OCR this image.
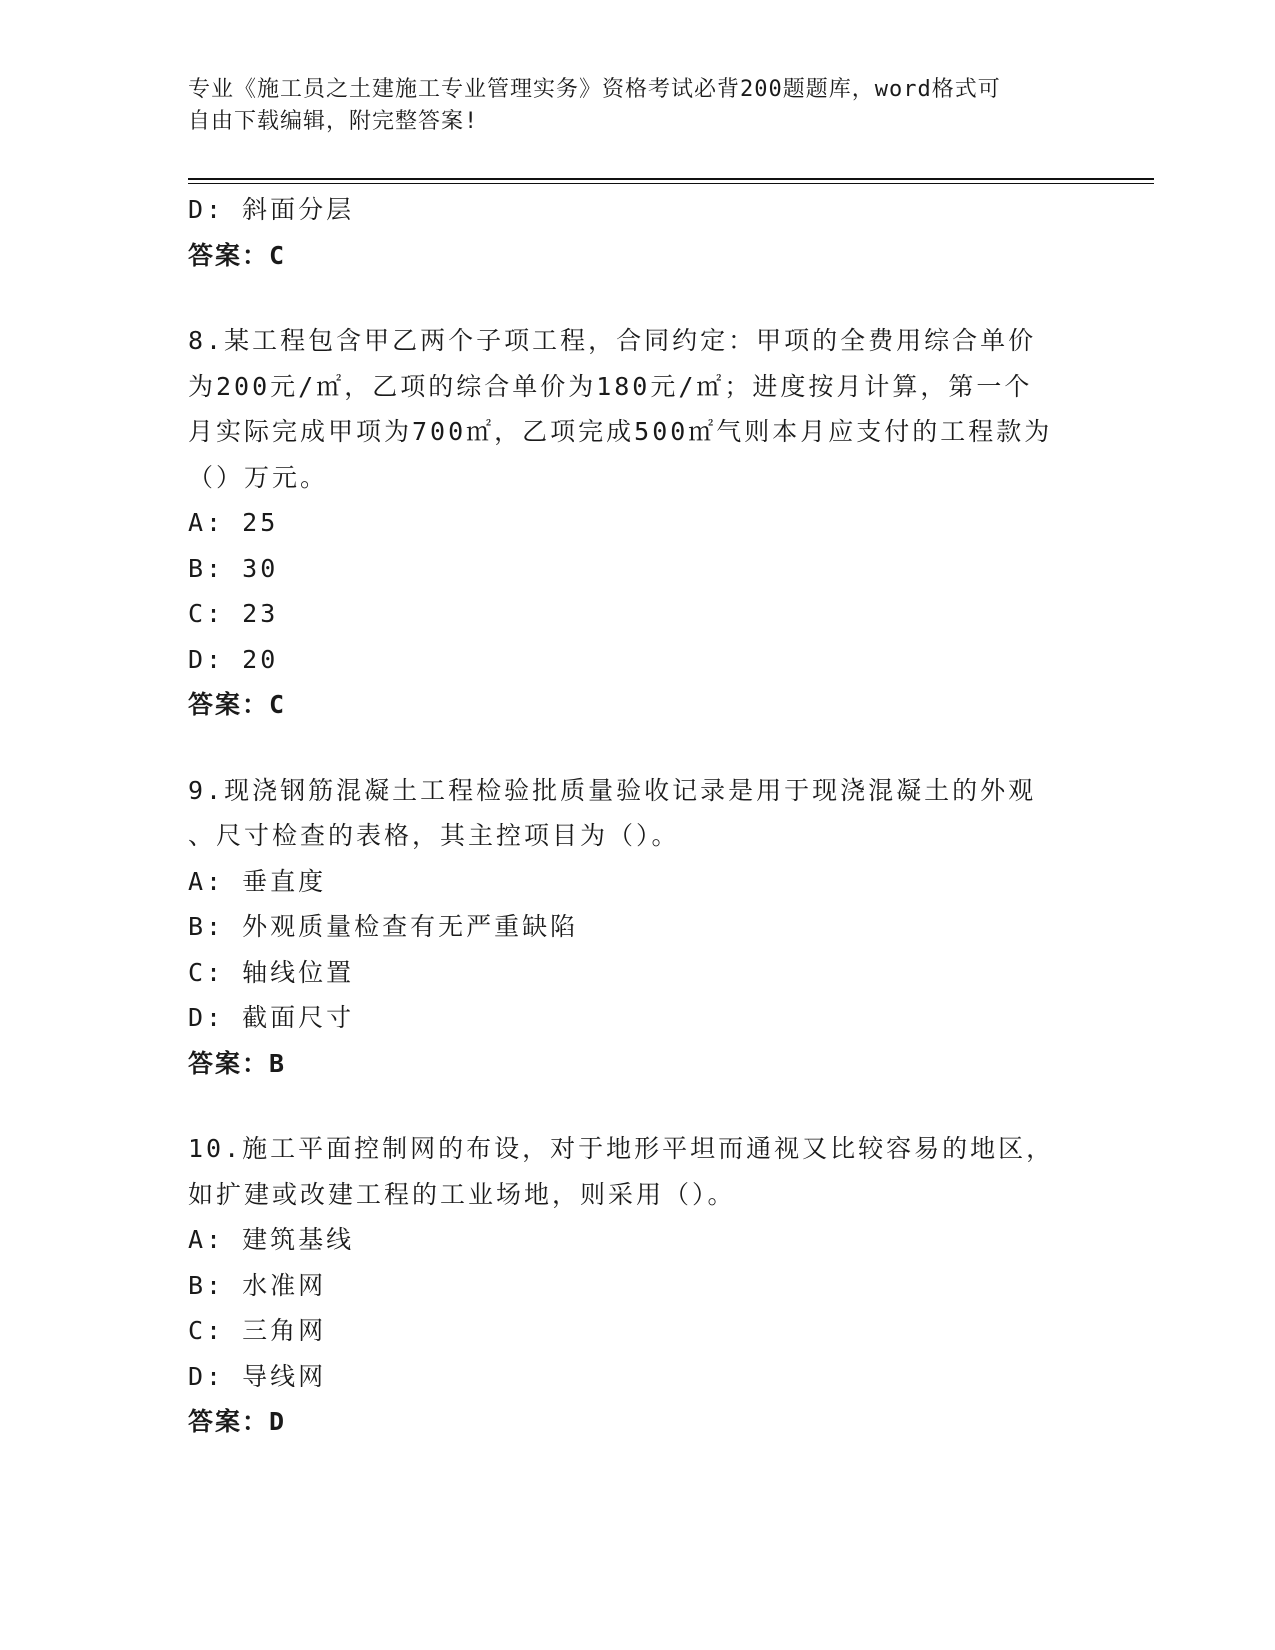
专业《施工员之土建施工专业管理实务》资格考试必背200题题库，word格式可
自由下载编辑，附完整答案!
D: 斜面分层
答案：C
8.某工程包含甲乙两个子项工程，合同约定：甲项的全费用综合单价
为200元/㎡，乙项的综合单价为180元/㎡；进度按月计算，第一个
月实际完成甲项为700㎡，乙项完成500㎡气则本月应支付的工程款为
（）万元。
A: 25
B: 30
C: 23
D: 20
答案：C
9.现浇钢筋混凝土工程检验批质量验收记录是用于现浇混凝土的外观
、尺寸检查的表格，其主控项目为（）。
A: 垂直度
B: 外观质量检查有无严重缺陷
C: 轴线位置
D: 截面尺寸
答案：B
10.施工平面控制网的布设，对于地形平坦而通视又比较容易的地区，
如扩建或改建工程的工业场地，则采用（）。
A: 建筑基线
B: 水准网
C: 三角网
D: 导线网
答案：D
